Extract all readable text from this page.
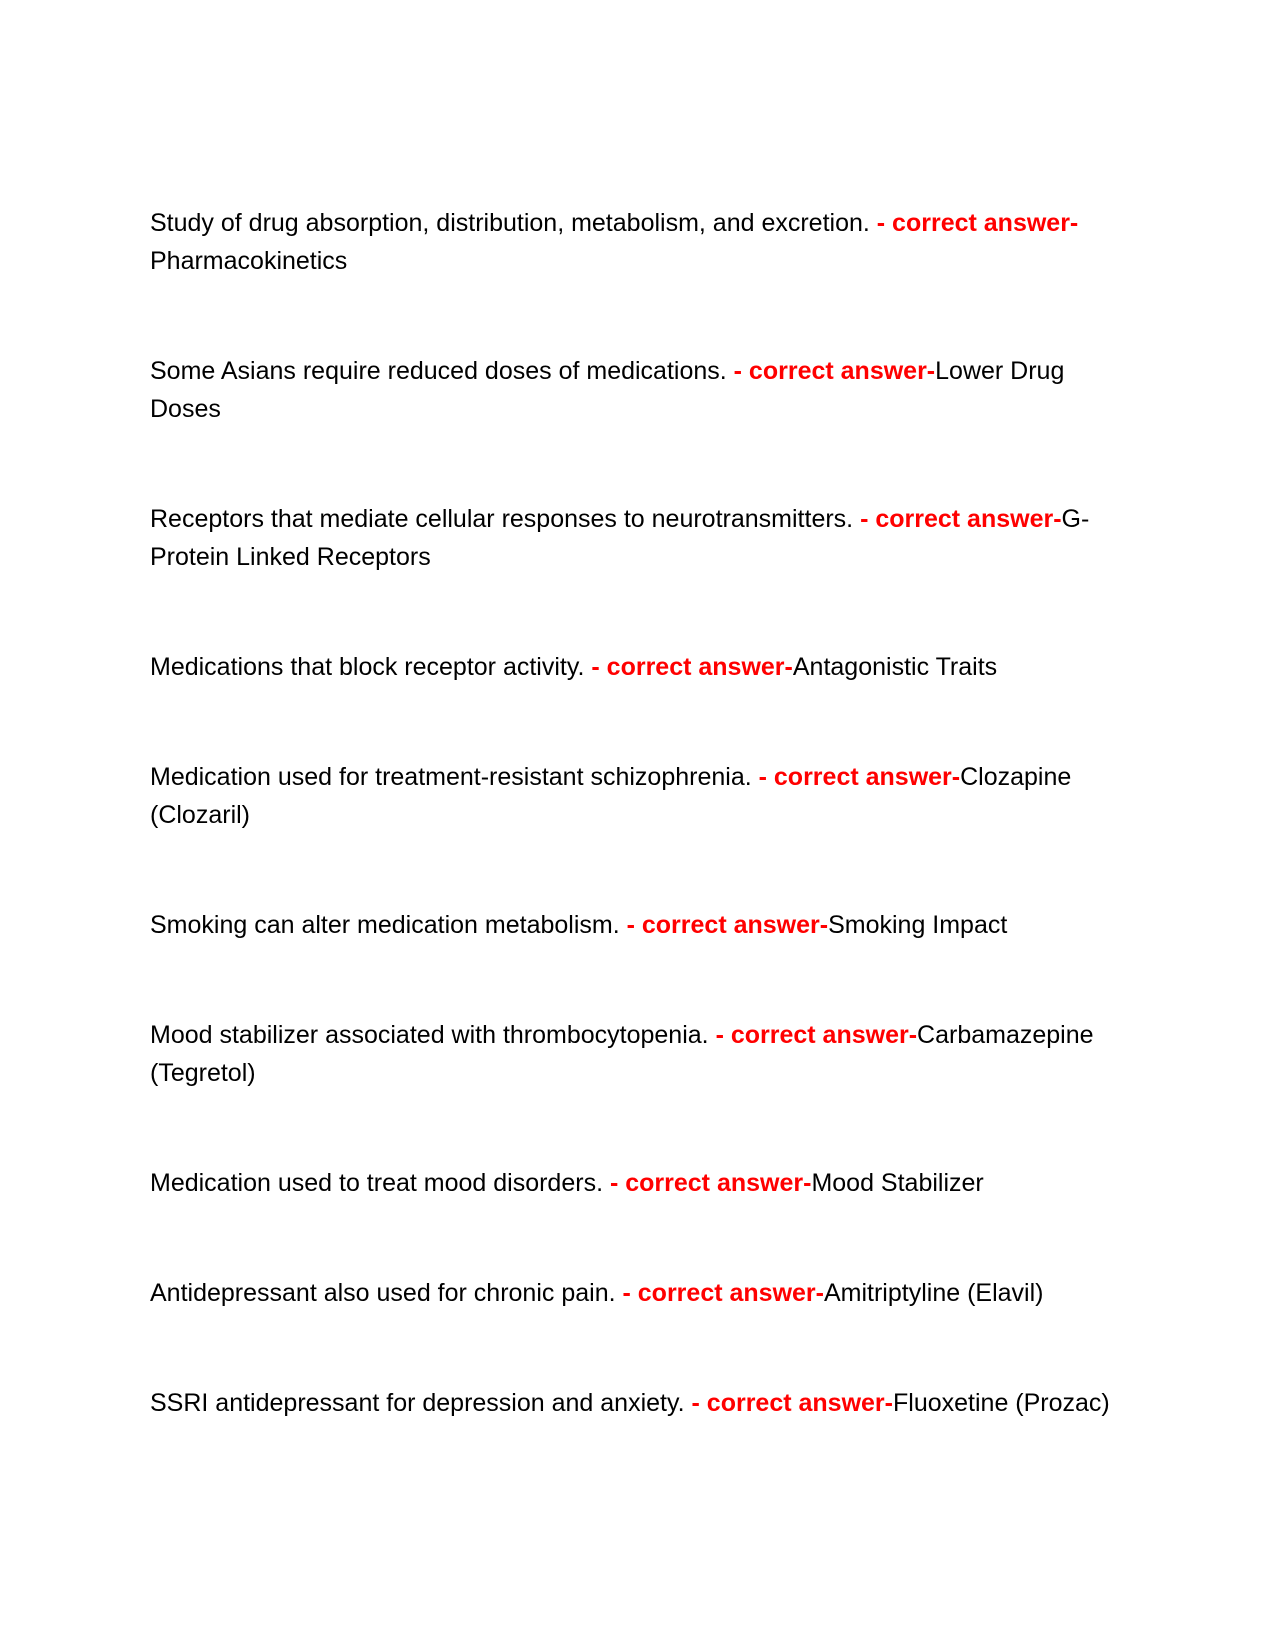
Study of drug absorption, distribution, metabolism, and excretion. - correct answer-Pharmacokinetics

Some Asians require reduced doses of medications. - correct answer-Lower Drug Doses

Receptors that mediate cellular responses to neurotransmitters. - correct answer-G-Protein Linked Receptors

Medications that block receptor activity. - correct answer-Antagonistic Traits

Medication used for treatment-resistant schizophrenia. - correct answer-Clozapine (Clozaril)

Smoking can alter medication metabolism. - correct answer-Smoking Impact

Mood stabilizer associated with thrombocytopenia. - correct answer-Carbamazepine (Tegretol)

Medication used to treat mood disorders. - correct answer-Mood Stabilizer

Antidepressant also used for chronic pain. - correct answer-Amitriptyline (Elavil)

SSRI antidepressant for depression and anxiety. - correct answer-Fluoxetine (Prozac)
